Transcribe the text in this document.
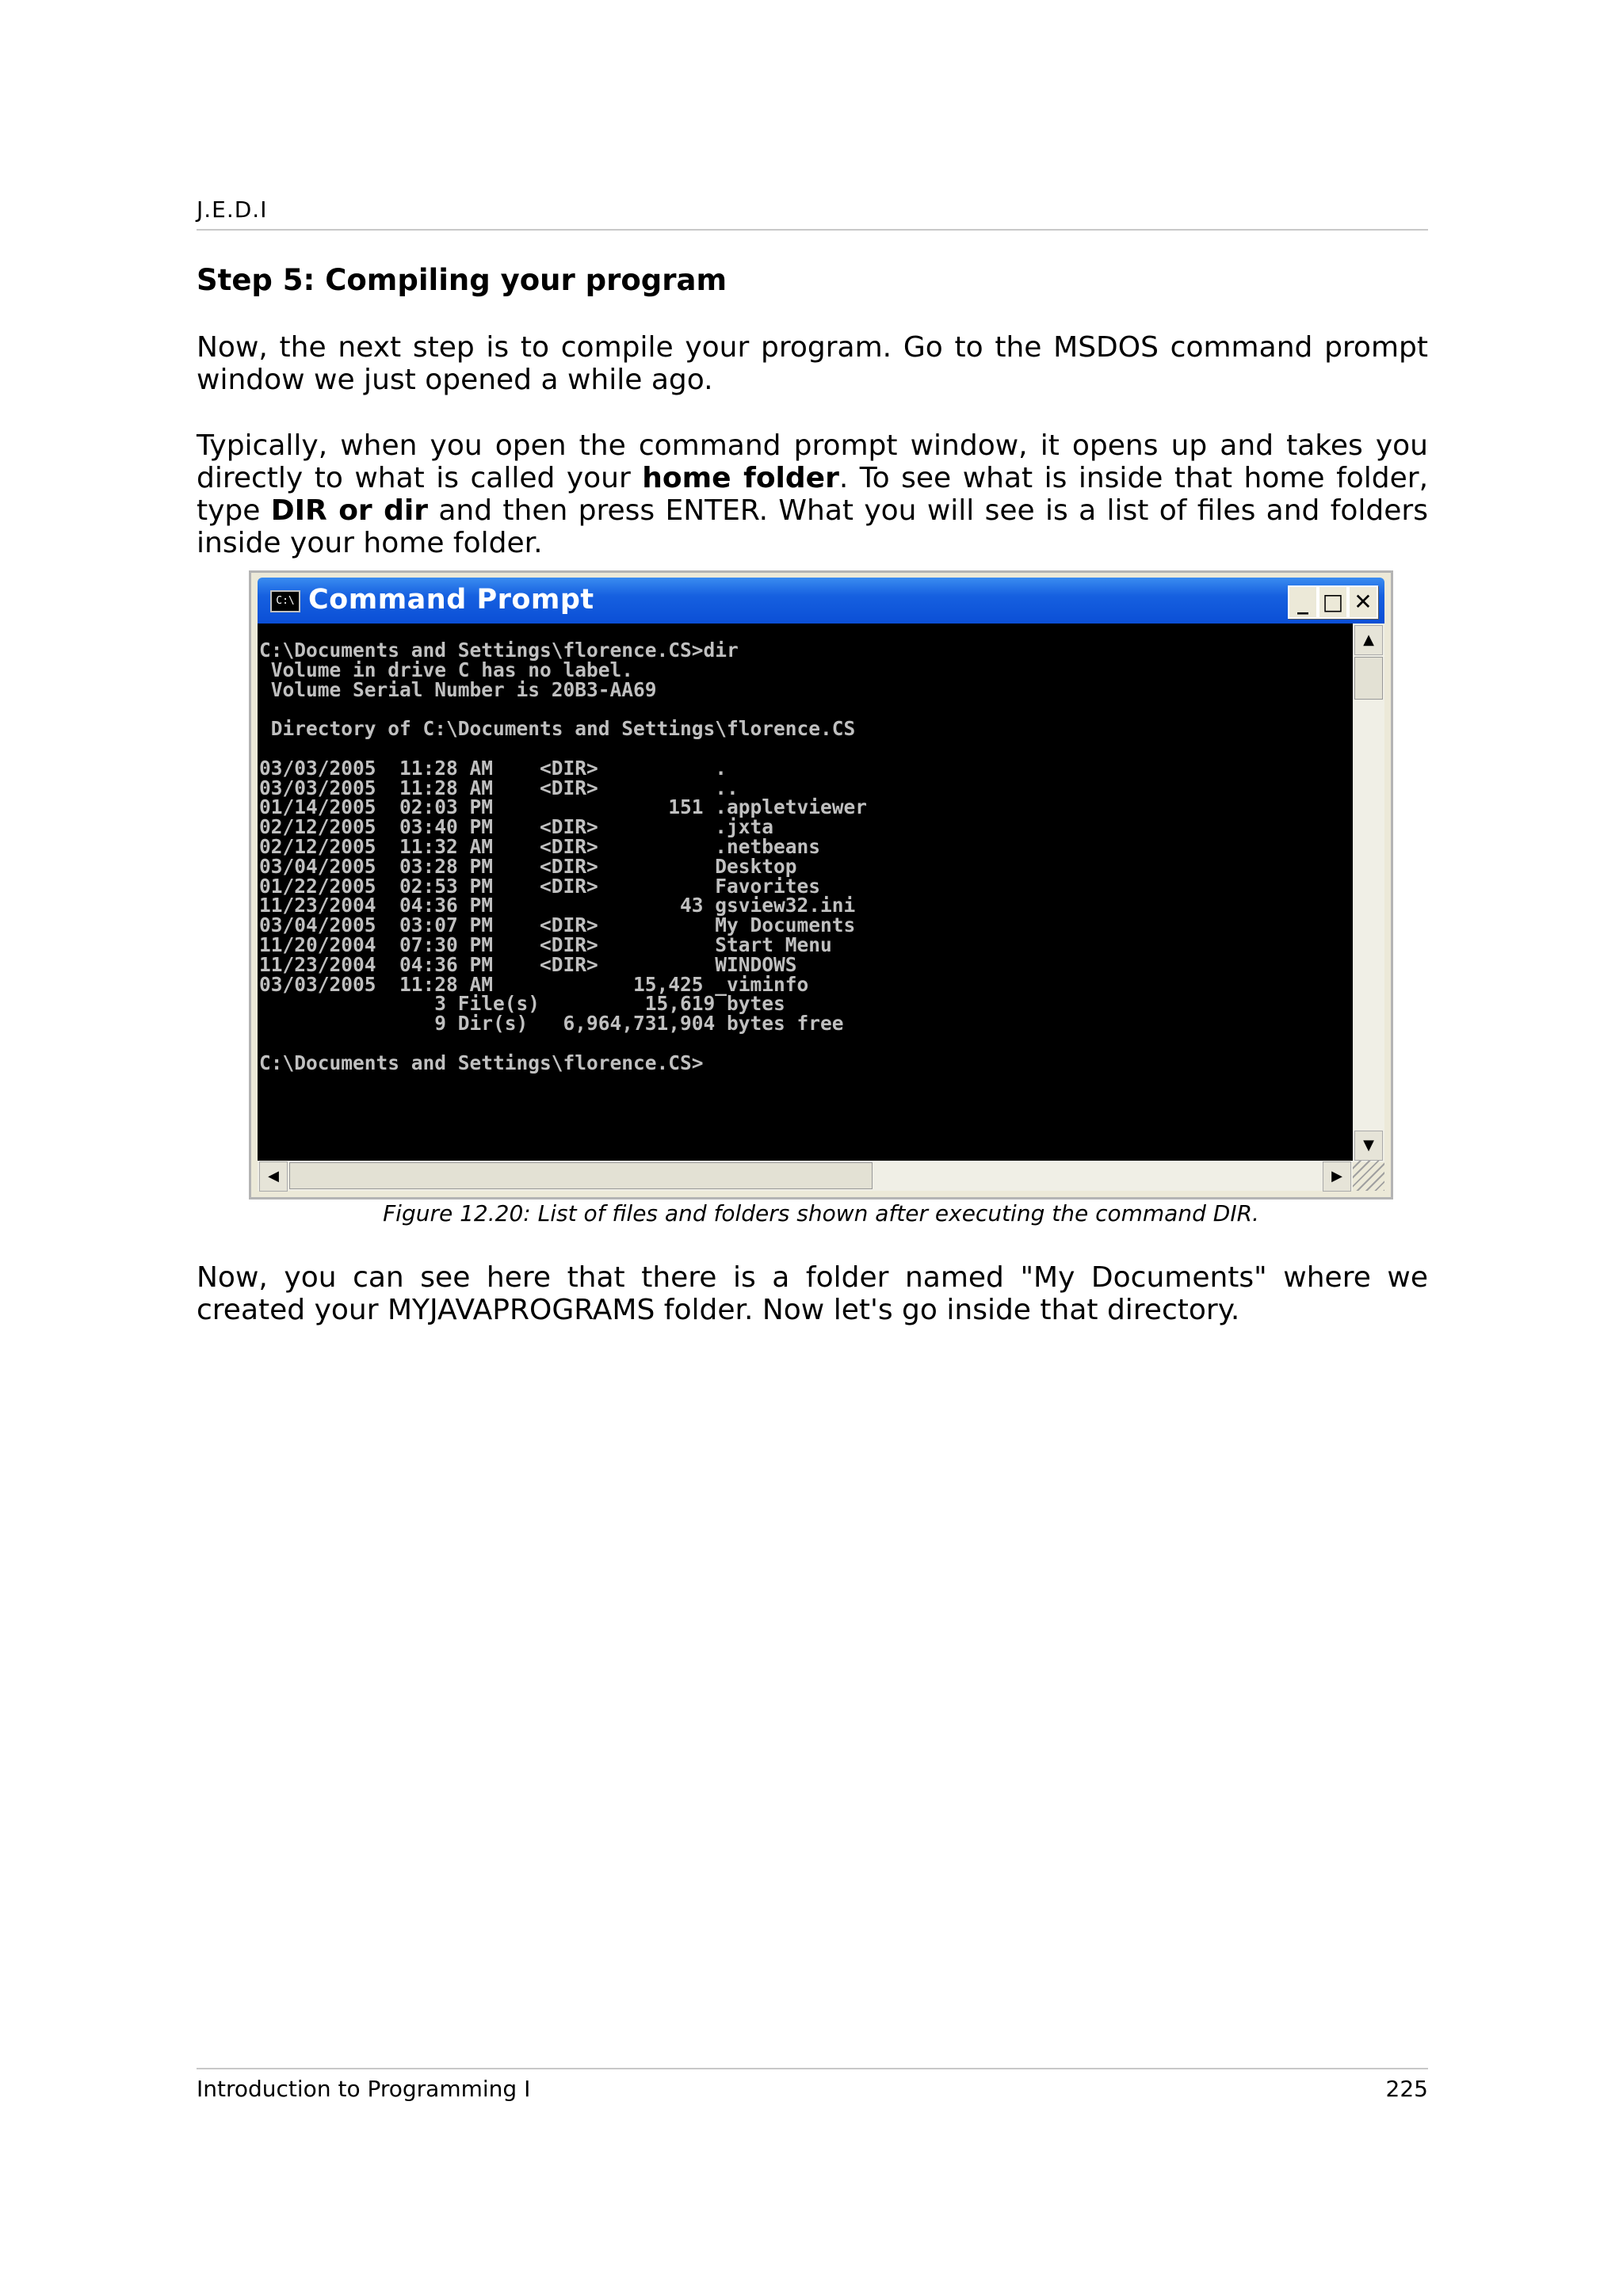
J.E.D.I
Step 5: Compiling your program

Now, the next step is to compile your program. Go to the MSDOS command prompt window we just opened a while ago.

Typically, when you open the command prompt window, it opens up and takes you directly to what is called your home folder. To see what is inside that home folder, type DIR or dir and then press ENTER. What you will see is a list of files and folders inside your home folder.

C:\ Command Prompt	_ □ ✕
C:\Documents and Settings\florence.CS>dir
Volume in drive C has no label.
Volume Serial Number is 20B3-AA69

Directory of C:\Documents and Settings\florence.CS

03/03/2005  11:28 AM    <DIR>          .
03/03/2005  11:28 AM    <DIR>          ..
01/14/2005  02:03 PM               151 .appletviewer
02/12/2005  03:40 PM    <DIR>          .jxta
02/12/2005  11:32 AM    <DIR>          .netbeans
03/04/2005  03:28 PM    <DIR>          Desktop
01/22/2005  02:53 PM    <DIR>          Favorites
11/23/2004  04:36 PM                43 gsview32.ini
03/04/2005  03:07 PM    <DIR>          My Documents
11/20/2004  07:30 PM    <DIR>          Start Menu
11/23/2004  04:36 PM    <DIR>          WINDOWS
03/03/2005  11:28 AM            15,425 _viminfo
3 File(s)         15,619 bytes
9 Dir(s)   6,964,731,904 bytes free

C:\Documents and Settings\florence.CS>
▲
▼
◀	▶
Figure 12.20: List of files and folders shown after executing the command DIR.

Now, you can see here that there is a folder named "My Documents" where we created your MYJAVAPROGRAMS folder. Now let's go inside that directory.

Introduction to Programming I	225
